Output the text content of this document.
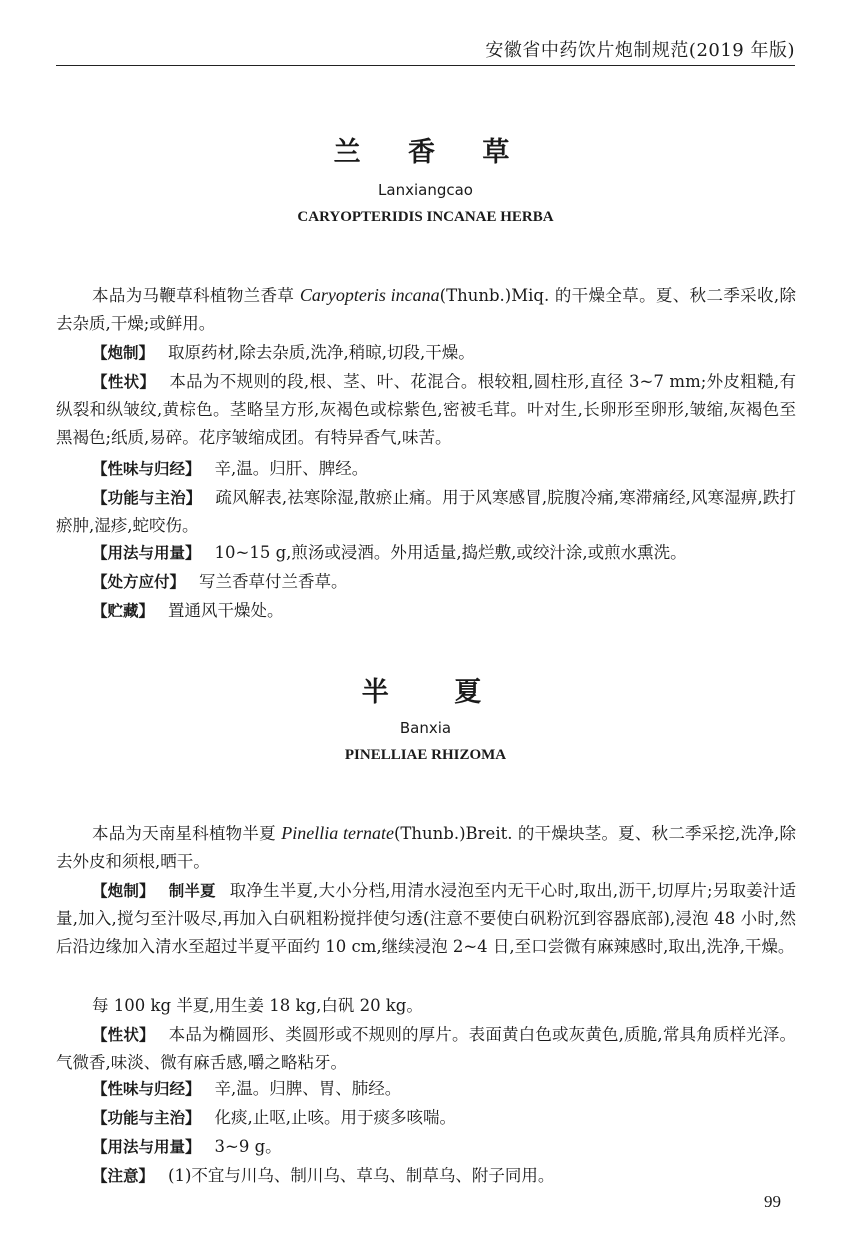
安徽省中药饮片炮制规范(2019 年版)
兰 香 草
Lanxiangcao
CARYOPTERIDIS INCANAE HERBA

本品为马鞭草科植物兰香草 Caryopteris incana(Thunb.)Miq. 的干燥全草。夏、秋二季采收,除去杂质,干燥;或鲜用。

【炮制】 取原药材,除去杂质,洗净,稍晾,切段,干燥。

【性状】 本品为不规则的段,根、茎、叶、花混合。根较粗,圆柱形,直径 3~7 mm;外皮粗糙,有纵裂和纵皱纹,黄棕色。茎略呈方形,灰褐色或棕紫色,密被毛茸。叶对生,长卵形至卵形,皱缩,灰褐色至黑褐色;纸质,易碎。花序皱缩成团。有特异香气,味苦。

【性味与归经】 辛,温。归肝、脾经。

【功能与主治】 疏风解表,祛寒除湿,散瘀止痛。用于风寒感冒,脘腹冷痛,寒滞痛经,风寒湿痹,跌打瘀肿,湿疹,蛇咬伤。

【用法与用量】 10~15 g,煎汤或浸酒。外用适量,捣烂敷,或绞汁涂,或煎水熏洗。

【处方应付】 写兰香草付兰香草。

【贮藏】 置通风干燥处。

半 夏
Banxia
PINELLIAE RHIZOMA

本品为天南星科植物半夏 Pinellia ternate(Thunb.)Breit. 的干燥块茎。夏、秋二季采挖,洗净,除去外皮和须根,晒干。

【炮制】 制半夏 取净生半夏,大小分档,用清水浸泡至内无干心时,取出,沥干,切厚片;另取姜汁适量,加入,搅匀至汁吸尽,再加入白矾粗粉搅拌使匀透(注意不要使白矾粉沉到容器底部),浸泡 48 小时,然后沿边缘加入清水至超过半夏平面约 10 cm,继续浸泡 2~4 日,至口尝微有麻辣感时,取出,洗净,干燥。

每 100 kg 半夏,用生姜 18 kg,白矾 20 kg。

【性状】 本品为椭圆形、类圆形或不规则的厚片。表面黄白色或灰黄色,质脆,常具角质样光泽。气微香,味淡、微有麻舌感,嚼之略粘牙。

【性味与归经】 辛,温。归脾、胃、肺经。

【功能与主治】 化痰,止呕,止咳。用于痰多咳喘。

【用法与用量】 3~9 g。

【注意】 (1)不宜与川乌、制川乌、草乌、制草乌、附子同用。

99
